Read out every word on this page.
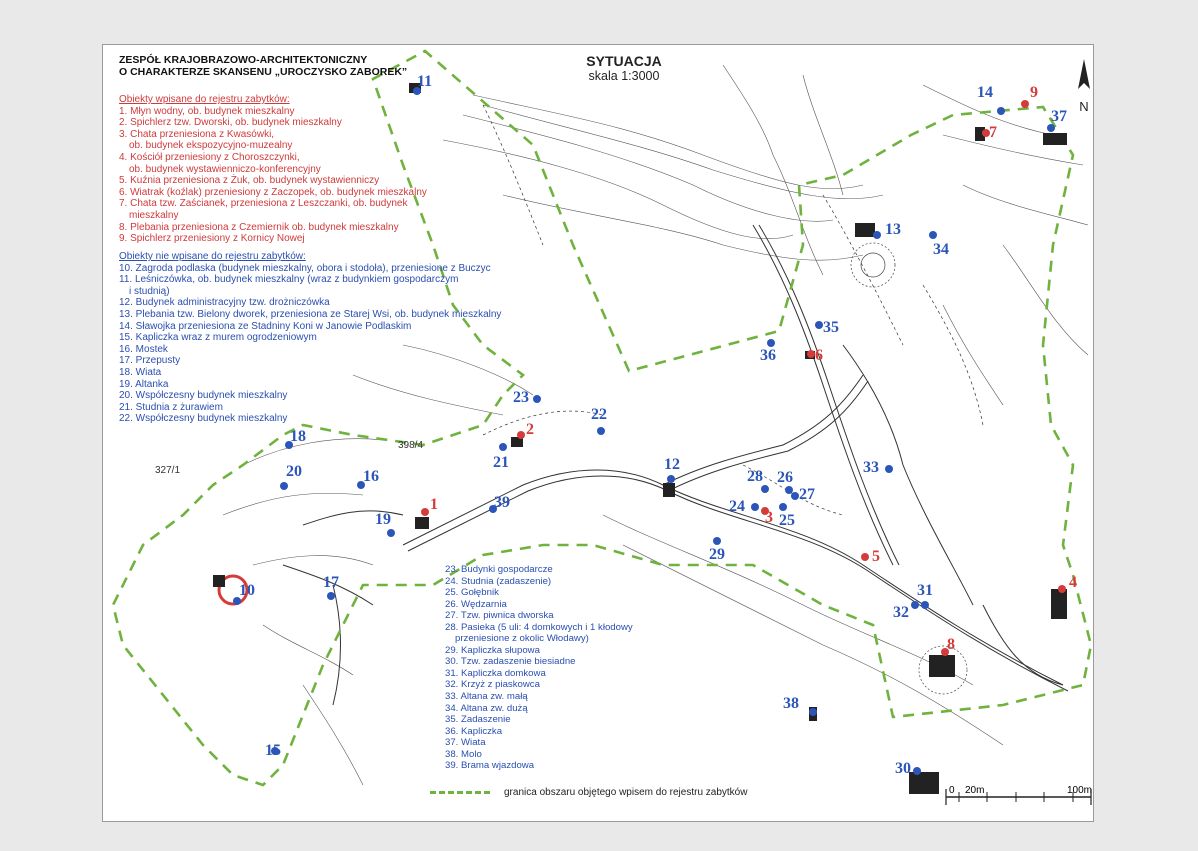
ZESPÓŁ KRAJOBRAZOWO-ARCHITEKTONICZNY
O CHARAKTERZE SKANSENU „UROCZYSKO ZABOREK”
SYTUACJA
skala 1:3000
N
Obiekty wpisane do rejestru zabytków:
1. Młyn wodny, ob. budynek mieszkalny
2. Spichlerz tzw. Dworski, ob. budynek mieszkalny
3. Chata przeniesiona z Kwasówki,
ob. budynek ekspozycyjno-muzealny
4. Kościół przeniesiony z Choroszczynki,
ob. budynek wystawienniczo-konferencyjny
5. Kuźnia przeniesiona z Żuk, ob. budynek wystawienniczy
6. Wiatrak (koźlak) przeniesiony z Zaczopek, ob. budynek mieszkalny
7. Chata tzw. Zaścianek, przeniesiona z Leszczanki, ob. budynek
mieszkalny
8. Plebania przeniesiona z Czemiernik ob. budynek mieszkalny
9. Spichlerz przeniesiony z Kornicy Nowej
Obiekty nie wpisane do rejestru zabytków:
10. Zagroda podlaska (budynek mieszkalny, obora i stodoła), przeniesione z Buczyc
11. Leśniczówka, ob. budynek mieszkalny (wraz z budynkiem gospodarczym
i studnią)
12. Budynek administracyjny tzw. drożniczówka
13. Plebania tzw. Bielony dworek, przeniesiona ze Starej Wsi, ob. budynek mieszkalny
14. Sławojka przeniesiona ze Stadniny Koni w Janowie Podlaskim
15. Kapliczka wraz z murem ogrodzeniowym
16. Mostek
17. Przepusty
18. Wiata
19. Altanka
20. Współczesny budynek mieszkalny
21. Studnia z żurawiem
22. Współczesny budynek mieszkalny
23. Budynki gospodarcze
24. Studnia (zadaszenie)
25. Gołębnik
26. Wędzarnia
27. Tzw. piwnica dworska
28. Pasieka (5 uli: 4 domkowych i 1 kłodowy
przeniesione z okolic Włodawy)
29. Kapliczka słupowa
30. Tzw. zadaszenie biesiadne
31. Kapliczka domkowa
32. Krzyż z piaskowca
33. Altana zw. małą
34. Altana zw. dużą
35. Zadaszenie
36. Kapliczka
37. Wiata
38. Molo
39. Brama wjazdowa
granica obszaru objętego wpisem do rejestru zabytków	0 20m	100m
398/4
327/1
1
2
3
4
5
6
7
8
9
10
11
12
13
14
15
16
17
18
19
20
21
22
23
24
25
26
27
28
29
30
31
32
33
34
35
36
37
38
39
